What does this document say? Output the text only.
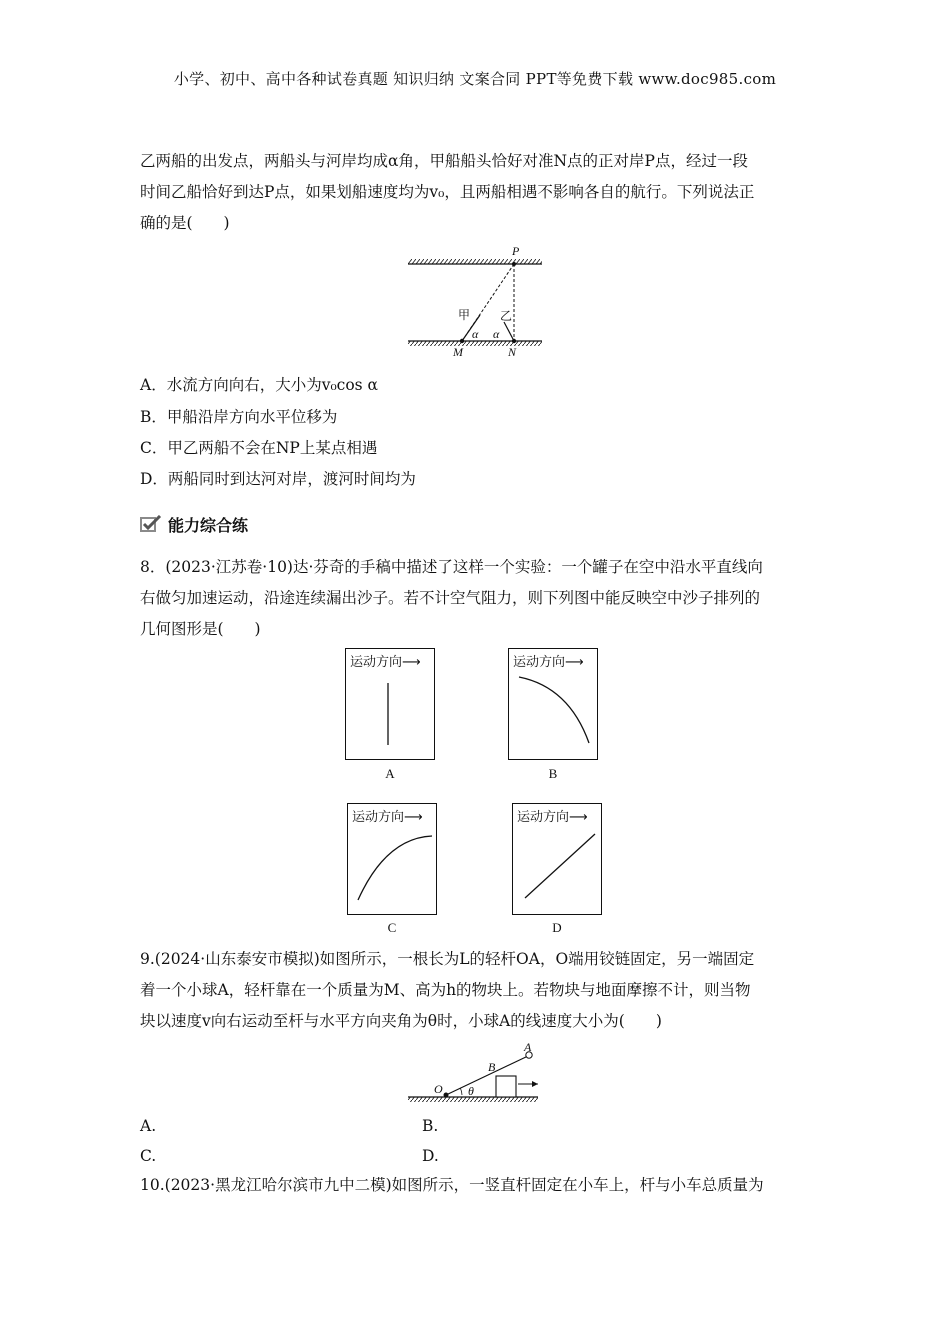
小学、初中、高中各种试卷真题 知识归纳 文案合同 PPT等免费下载 www.doc985.com
乙两船的出发点，两船头与河岸均成α角，甲船船头恰好对准N点的正对岸P点，经过一段
时间乙船恰好到达P点，如果划船速度均为v₀，且两船相遇不影响各自的航行。下列说法正
确的是(　　)
P
M	N
甲 乙
α α
A．水流方向向右，大小为v₀cos α
B．甲船沿岸方向水平位移为
C．甲乙两船不会在NP上某点相遇
D．两船同时到达河对岸，渡河时间均为
能力综合练
8．(2023·江苏卷·10)达·芬奇的手稿中描述了这样一个实验：一个罐子在空中沿水平直线向
右做匀加速运动，沿途连续漏出沙子。若不计空气阻力，则下列图中能反映空中沙子排列的
几何图形是(　　)
运动方向⟶
A
运动方向⟶
B
运动方向⟶
C
运动方向⟶
D
9.(2024·山东泰安市模拟)如图所示，一根长为L的轻杆OA，O端用铰链固定，另一端固定
着一个小球A，轻杆靠在一个质量为M、高为h的物块上。若物块与地面摩擦不计，则当物
块以速度v向右运动至杆与水平方向夹角为θ时，小球A的线速度大小为(　　)
A
B
O θ
A.	B.
C.	D.
10.(2023·黑龙江哈尔滨市九中二模)如图所示，一竖直杆固定在小车上，杆与小车总质量为
